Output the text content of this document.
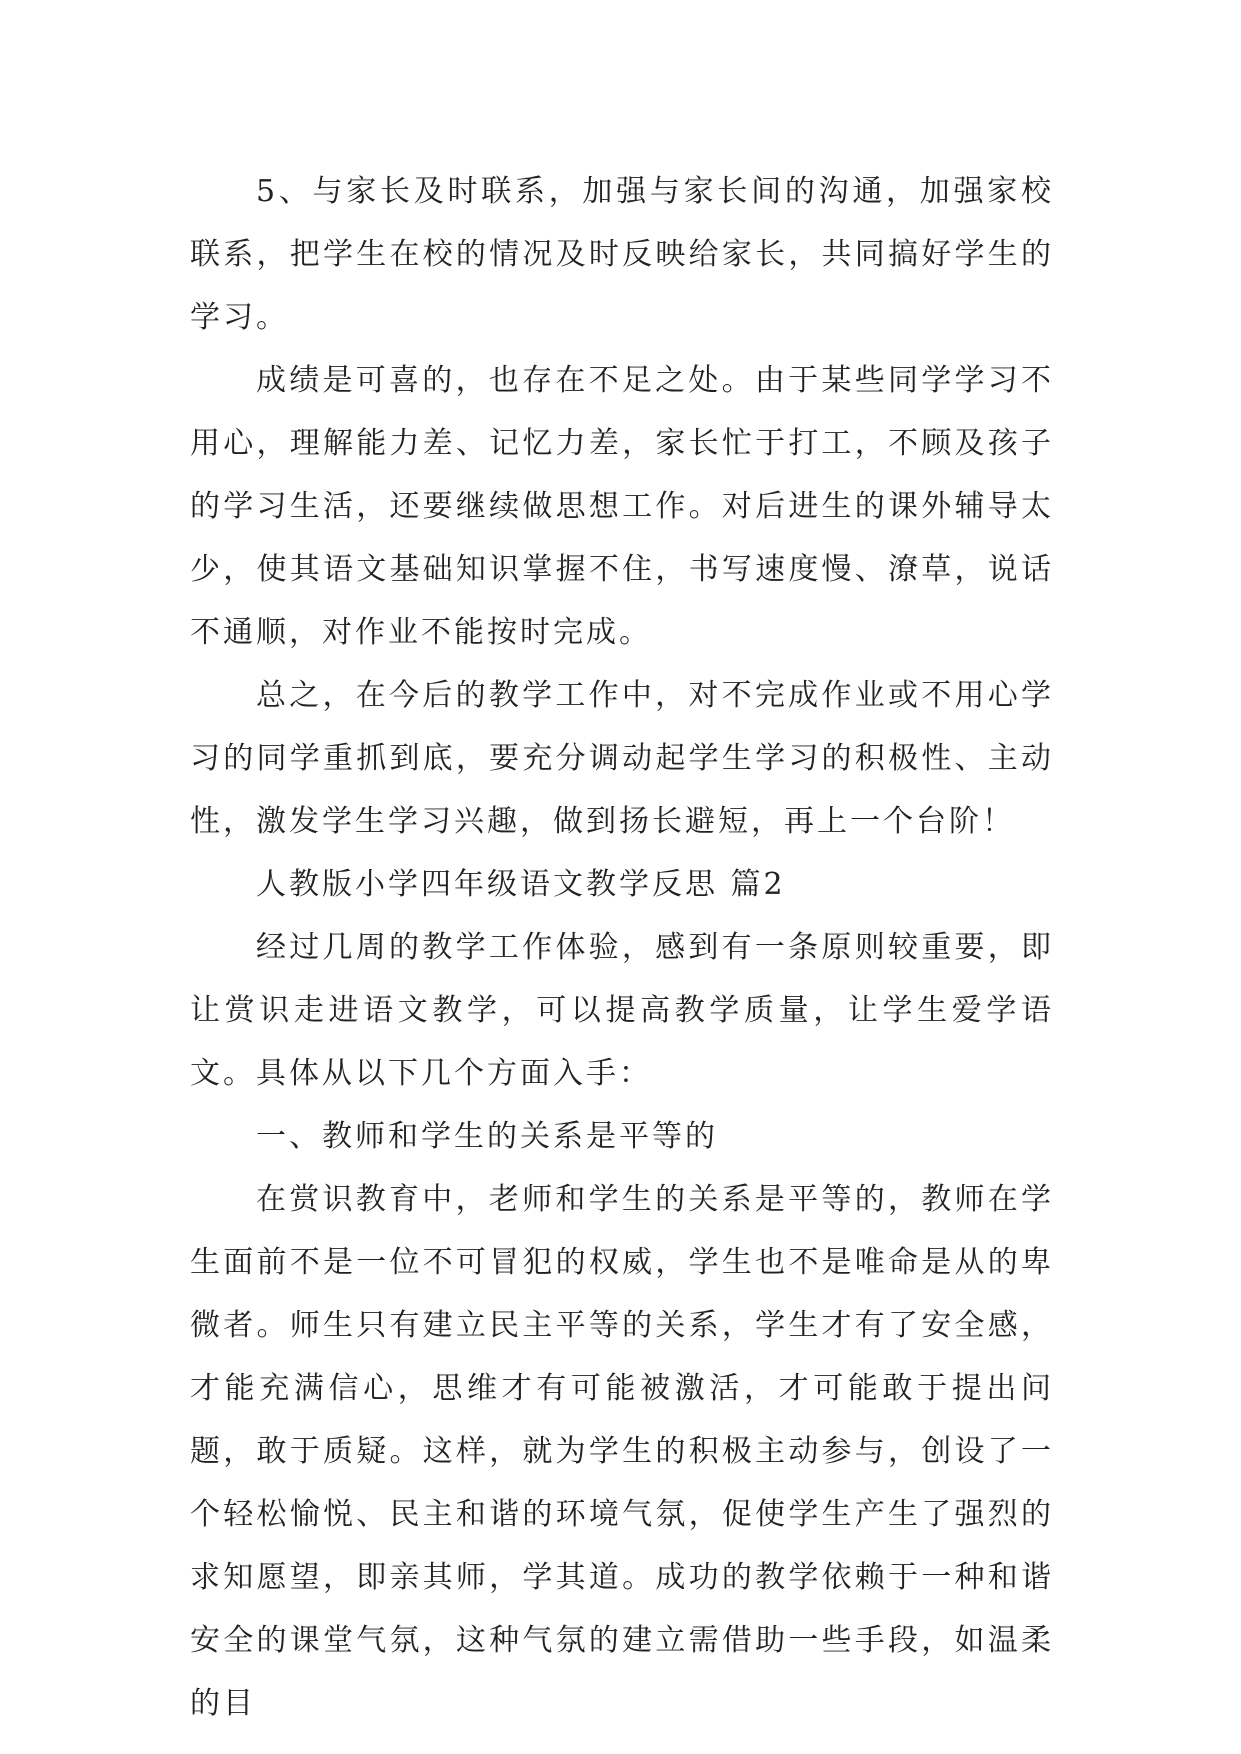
5、与家长及时联系，加强与家长间的沟通，加强家校联系，把学生在校的情况及时反映给家长，共同搞好学生的学习。

成绩是可喜的，也存在不足之处。由于某些同学学习不用心，理解能力差、记忆力差，家长忙于打工，不顾及孩子的学习生活，还要继续做思想工作。对后进生的课外辅导太少，使其语文基础知识掌握不住，书写速度慢、潦草，说话不通顺，对作业不能按时完成。

总之，在今后的教学工作中，对不完成作业或不用心学习的同学重抓到底，要充分调动起学生学习的积极性、主动性，激发学生学习兴趣，做到扬长避短，再上一个台阶！

人教版小学四年级语文教学反思 篇2

经过几周的教学工作体验，感到有一条原则较重要，即让赏识走进语文教学，可以提高教学质量，让学生爱学语文。具体从以下几个方面入手：

一、教师和学生的关系是平等的

在赏识教育中，老师和学生的关系是平等的，教师在学生面前不是一位不可冒犯的权威，学生也不是唯命是从的卑微者。师生只有建立民主平等的关系，学生才有了安全感，才能充满信心，思维才有可能被激活，才可能敢于提出问题，敢于质疑。这样，就为学生的积极主动参与，创设了一个轻松愉悦、民主和谐的环境气氛，促使学生产生了强烈的求知愿望，即亲其师，学其道。成功的教学依赖于一种和谐安全的课堂气氛，这种气氛的建立需借助一些手段，如温柔的目
